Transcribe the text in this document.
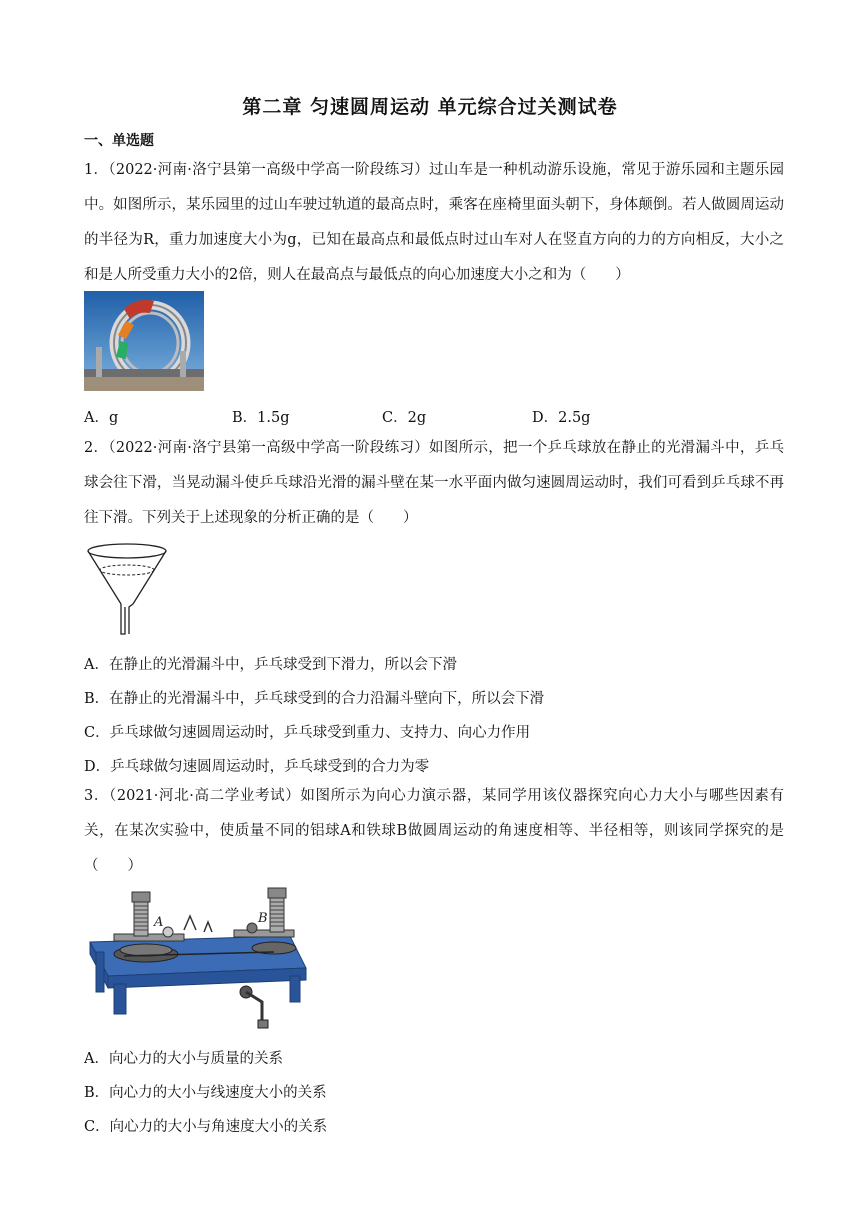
第二章 匀速圆周运动 单元综合过关测试卷
一、单选题
1．（2022·河南·洛宁县第一高级中学高一阶段练习）过山车是一种机动游乐设施，常见于游乐园和主题乐园中。如图所示，某乐园里的过山车驶过轨道的最高点时，乘客在座椅里面头朝下，身体颠倒。若人做圆周运动的半径为R，重力加速度大小为g，已知在最高点和最低点时过山车对人在竖直方向的力的方向相反，大小之和是人所受重力大小的2倍，则人在最高点与最低点的向心加速度大小之和为（　　）
A．g	B．1.5g	C．2g	D．2.5g
2．（2022·河南·洛宁县第一高级中学高一阶段练习）如图所示，把一个乒乓球放在静止的光滑漏斗中，乒乓球会往下滑，当晃动漏斗使乒乓球沿光滑的漏斗壁在某一水平面内做匀速圆周运动时，我们可看到乒乓球不再往下滑。下列关于上述现象的分析正确的是（　　）
A．在静止的光滑漏斗中，乒乓球受到下滑力，所以会下滑
B．在静止的光滑漏斗中，乒乓球受到的合力沿漏斗壁向下，所以会下滑
C．乒乓球做匀速圆周运动时，乒乓球受到重力、支持力、向心力作用
D．乒乓球做匀速圆周运动时，乒乓球受到的合力为零
3．（2021·河北·高二学业考试）如图所示为向心力演示器，某同学用该仪器探究向心力大小与哪些因素有关，在某次实验中，使质量不同的铝球A和铁球B做圆周运动的角速度相等、半径相等，则该同学探究的是（　　）
A	B
A．向心力的大小与质量的关系
B．向心力的大小与线速度大小的关系
C．向心力的大小与角速度大小的关系
